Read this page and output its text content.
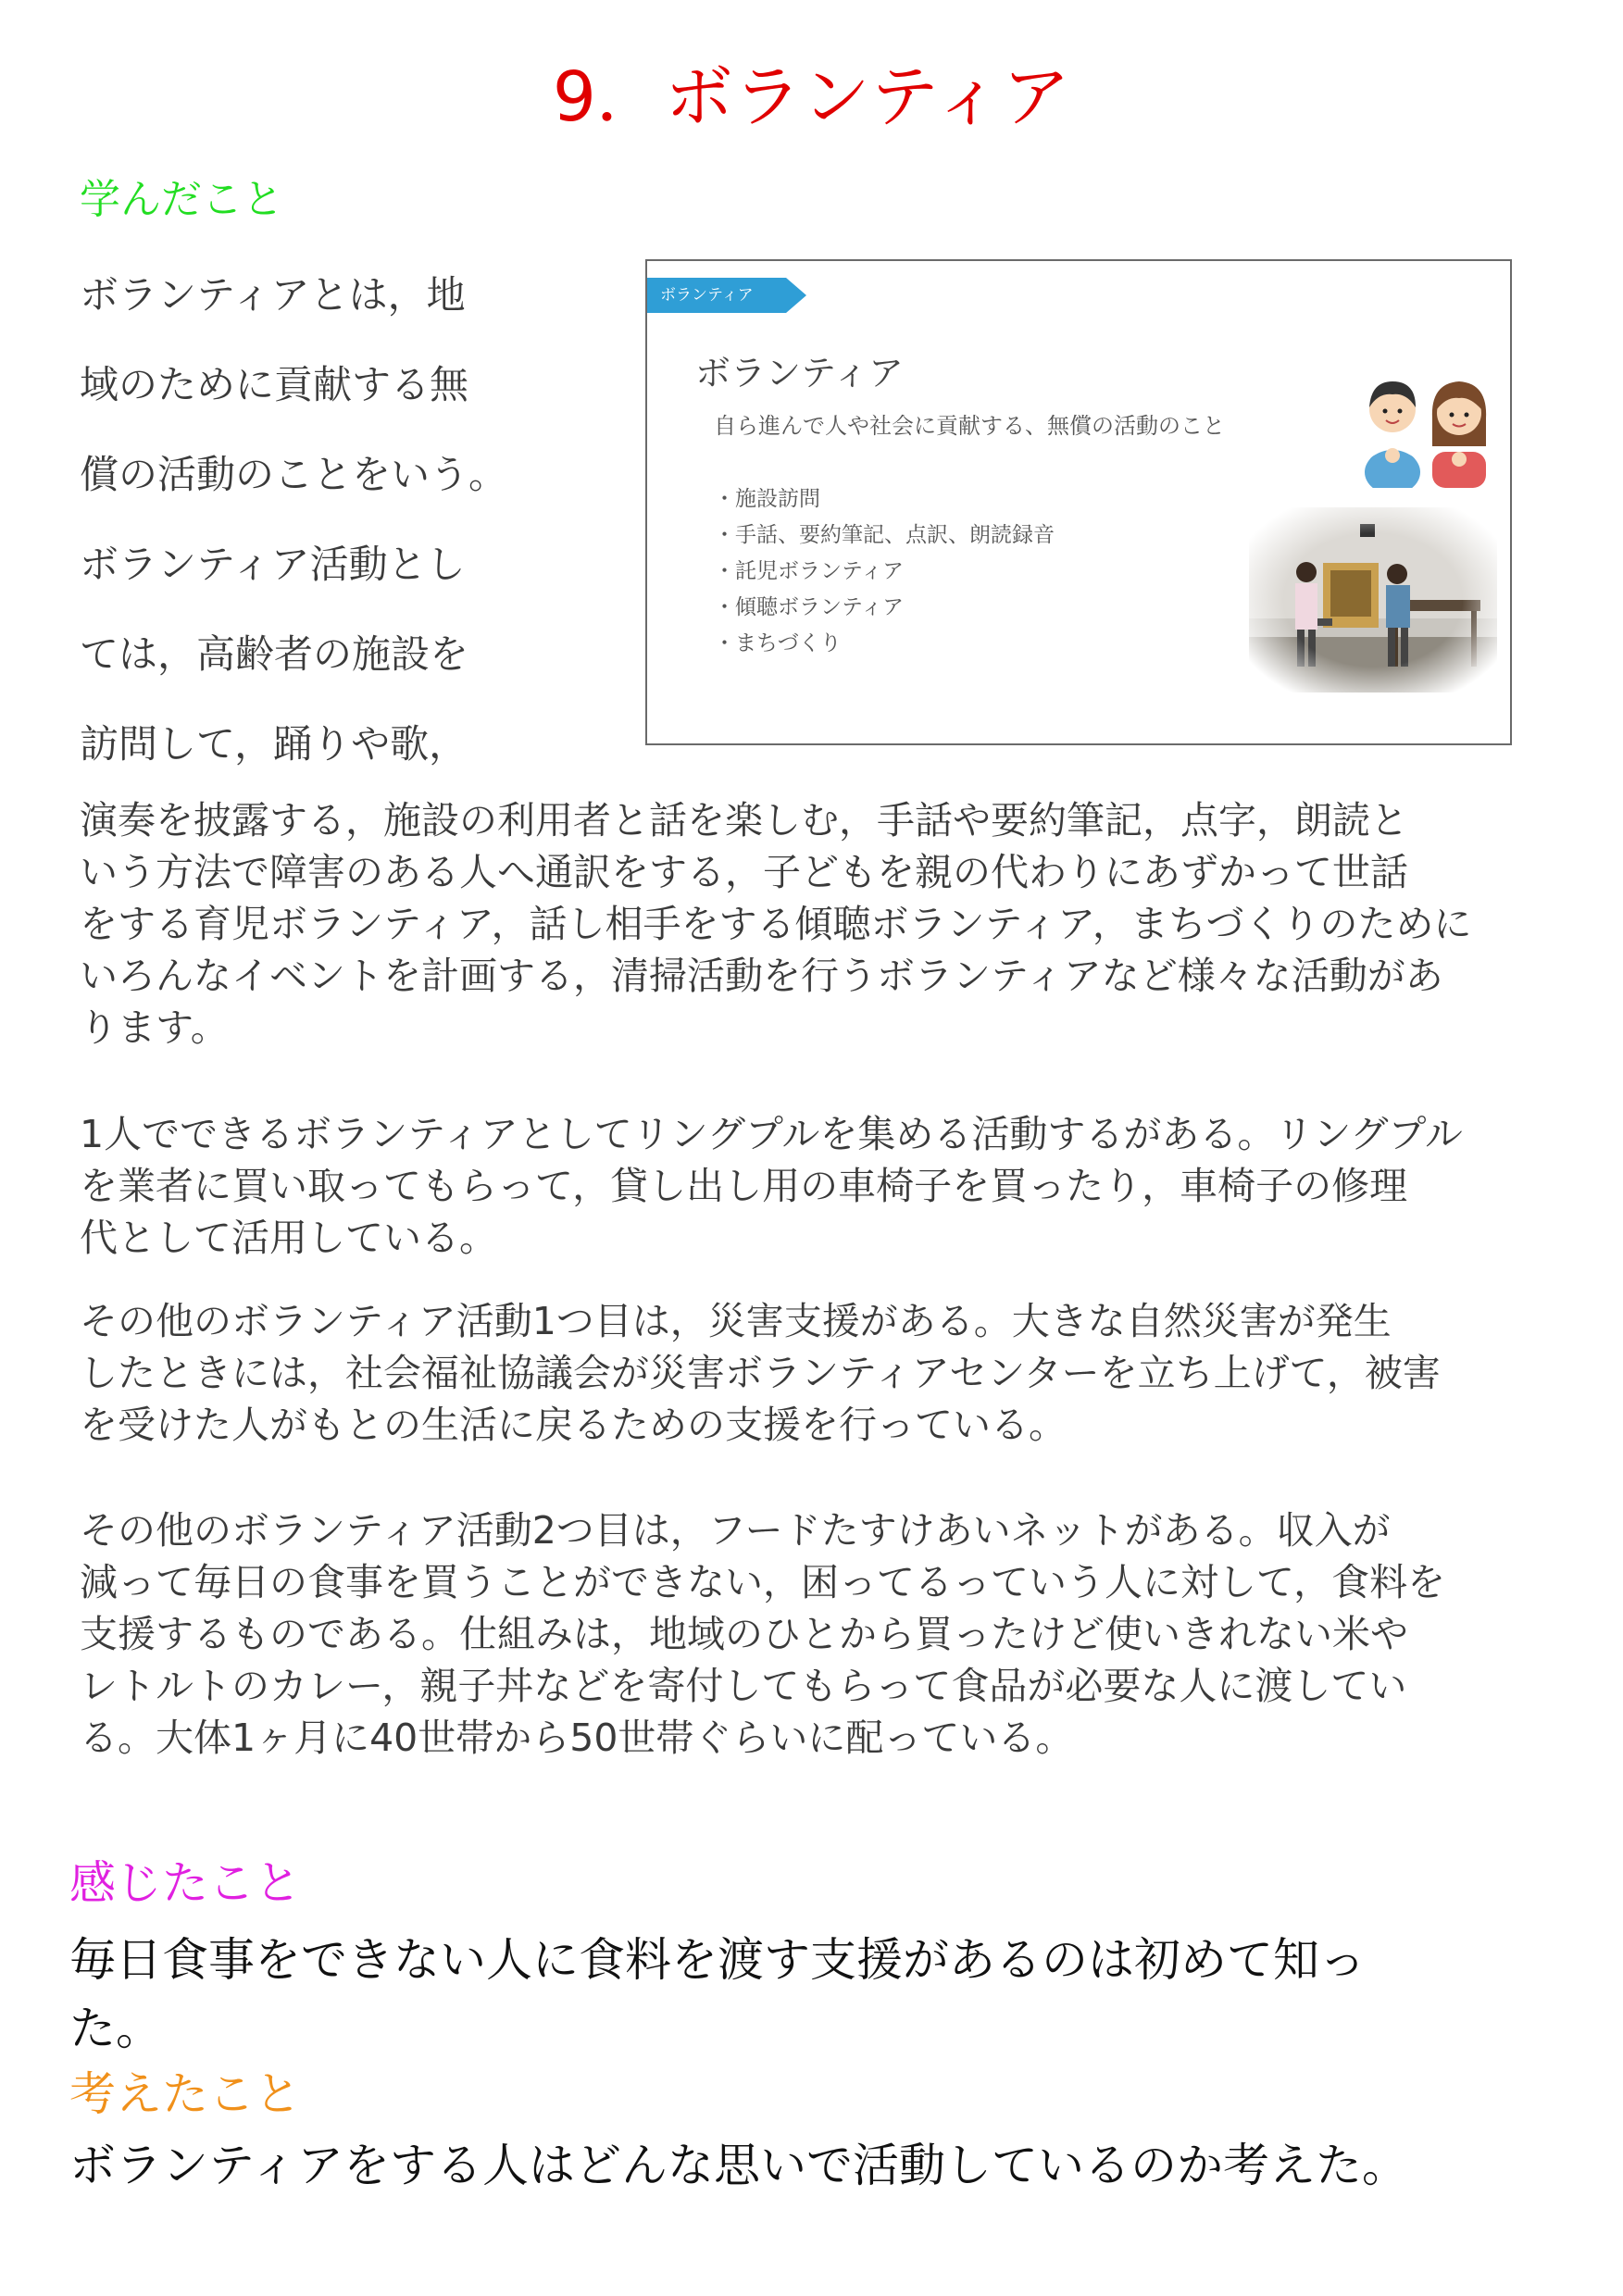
9．ボランティア
学んだこと
ボランティアとは，地
域のために貢献する無
償の活動のことをいう。
ボランティア活動とし
ては，高齢者の施設を
訪問して，踊りや歌，
ボランティア
ボランティア
自ら進んで人や社会に貢献する、無償の活動のこと
・ 施設訪問
・ 手話、要約筆記、点訳、朗読録音
・ 託児ボランティア
・ 傾聴ボランティア
・ まちづくり
演奏を披露する，施設の利用者と話を楽しむ，手話や要約筆記，点字，朗読と
いう方法で障害のある人へ通訳をする，子どもを親の代わりにあずかって世話
をする育児ボランティア，話し相手をする傾聴ボランティア，まちづくりのために
いろんなイベントを計画する，清掃活動を行うボランティアなど様々な活動があ
ります。
1人でできるボランティアとしてリングプルを集める活動するがある。リングプル
を業者に買い取ってもらって，貸し出し用の車椅子を買ったり，車椅子の修理
代として活用している。
その他のボランティア活動1つ目は，災害支援がある。大きな自然災害が発生
したときには，社会福祉協議会が災害ボランティアセンターを立ち上げて，被害
を受けた人がもとの生活に戻るための支援を行っている。
その他のボランティア活動2つ目は，フードたすけあいネットがある。収入が
減って毎日の食事を買うことができない，困ってるっていう人に対して，食料を
支援するものである。仕組みは，地域のひとから買ったけど使いきれない米や
レトルトのカレー，親子丼などを寄付してもらって食品が必要な人に渡してい
る。大体1ヶ月に40世帯から50世帯ぐらいに配っている。
感じたこと
毎日食事をできない人に食料を渡す支援があるのは初めて知っ
た。
考えたこと
ボランティアをする人はどんな思いで活動しているのか考えた。
